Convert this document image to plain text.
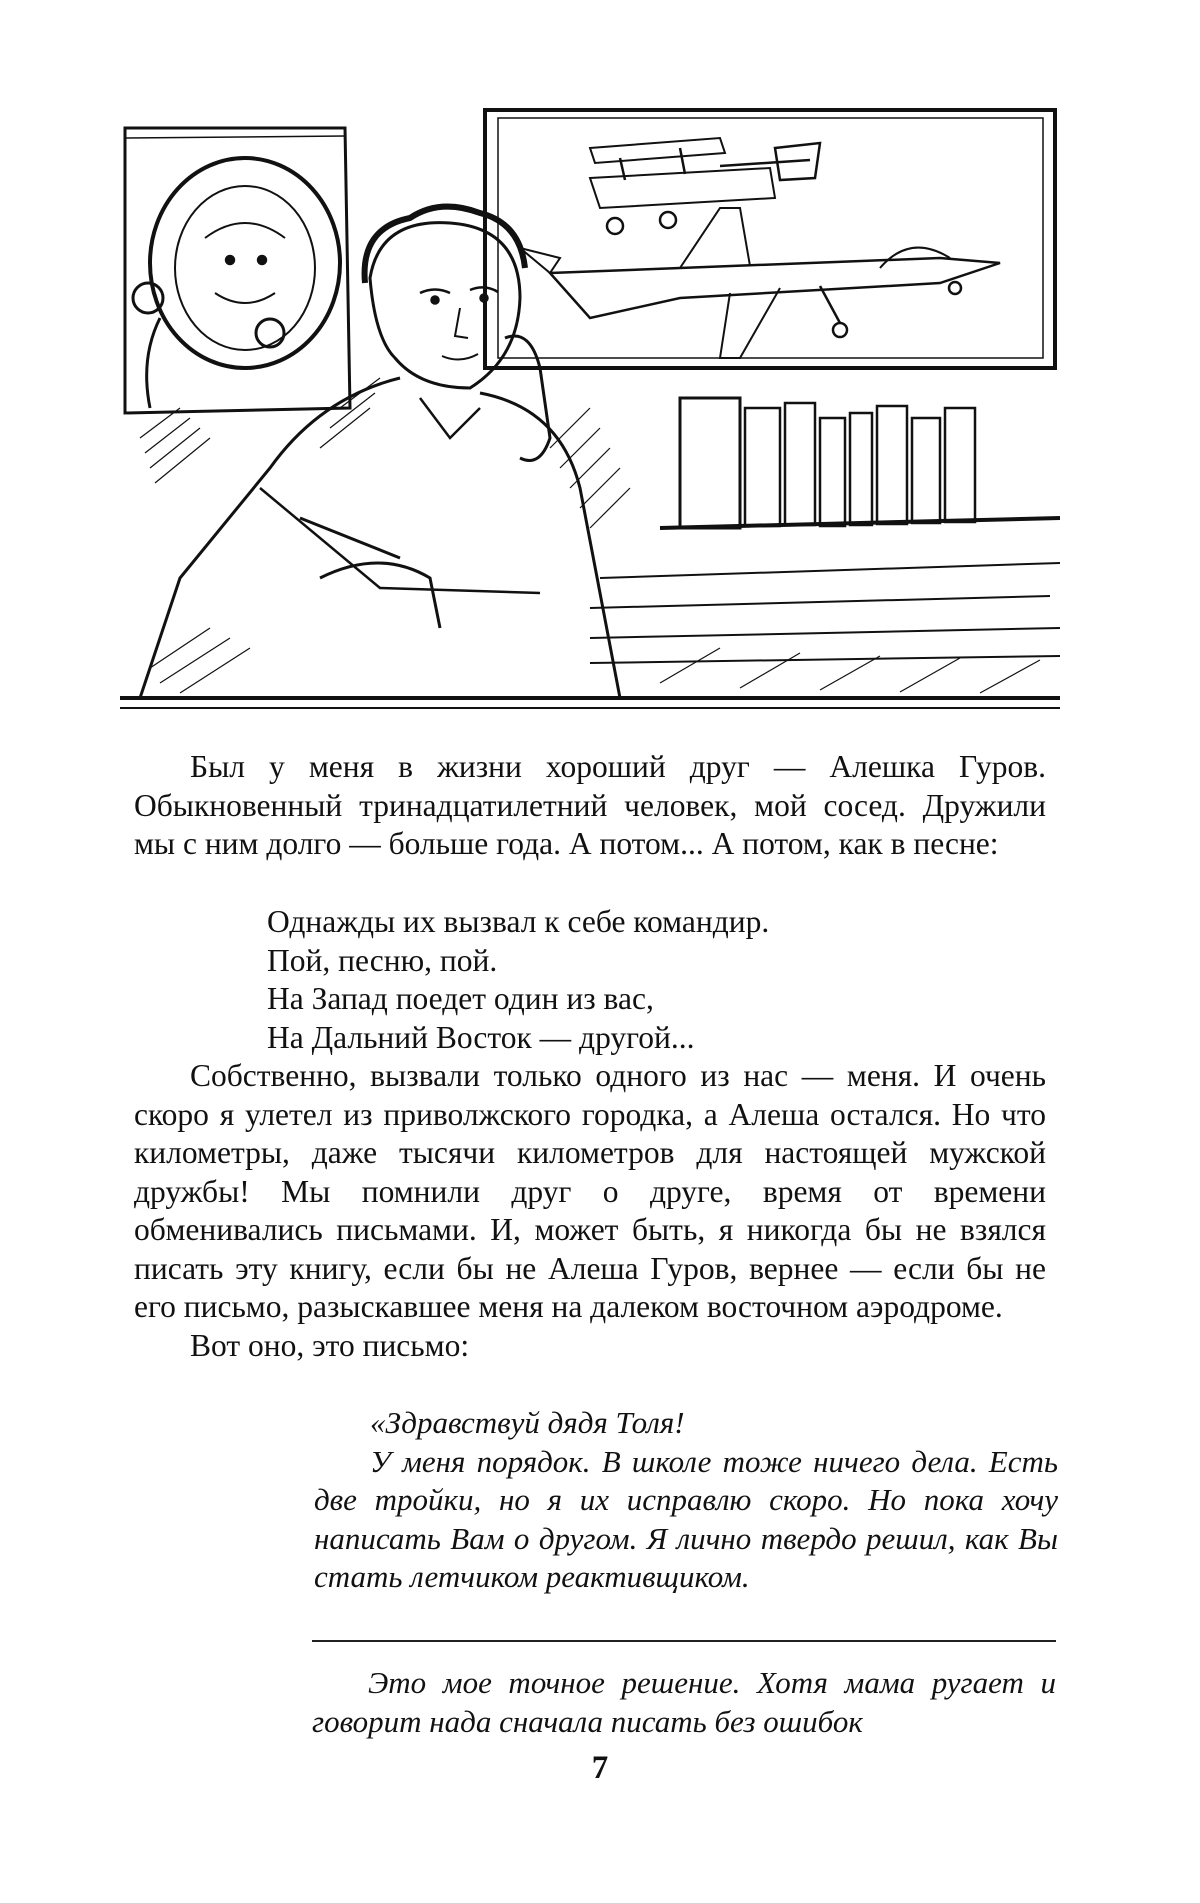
Был у меня в жизни хороший друг — Алешка Гуров. Обыкновенный тринадцатилетний человек, мой сосед. Дружили мы с ним долго — больше года. А потом... А потом, как в песне:

Однажды их вызвал к себе командир.
Пой, песню, пой.
На Запад поедет один из вас,
На Дальний Восток — другой...

Собственно, вызвали только одного из нас — меня. И очень скоро я улетел из приволжского городка, а Алеша остался. Но что километры, даже тысячи километров для настоящей мужской дружбы! Мы помнили друг о друге, время от времени обменивались письмами. И, может быть, я никогда бы не взялся писать эту книгу, если бы не Алеша Гуров, вернее — если бы не его письмо, разыскавшее меня на далеком восточном аэродроме.

Вот оно, это письмо:

«Здравствуй дядя Толя!

У меня порядок. В школе тоже ничего дела. Есть две тройки, но я их исправлю скоро. Но пока хочу написать Вам о другом. Я лично твердо решил, как Вы стать летчиком реактивщиком.

Это мое точное решение. Хотя мама ругает и говорит нада сначала писать без ошибок

7
